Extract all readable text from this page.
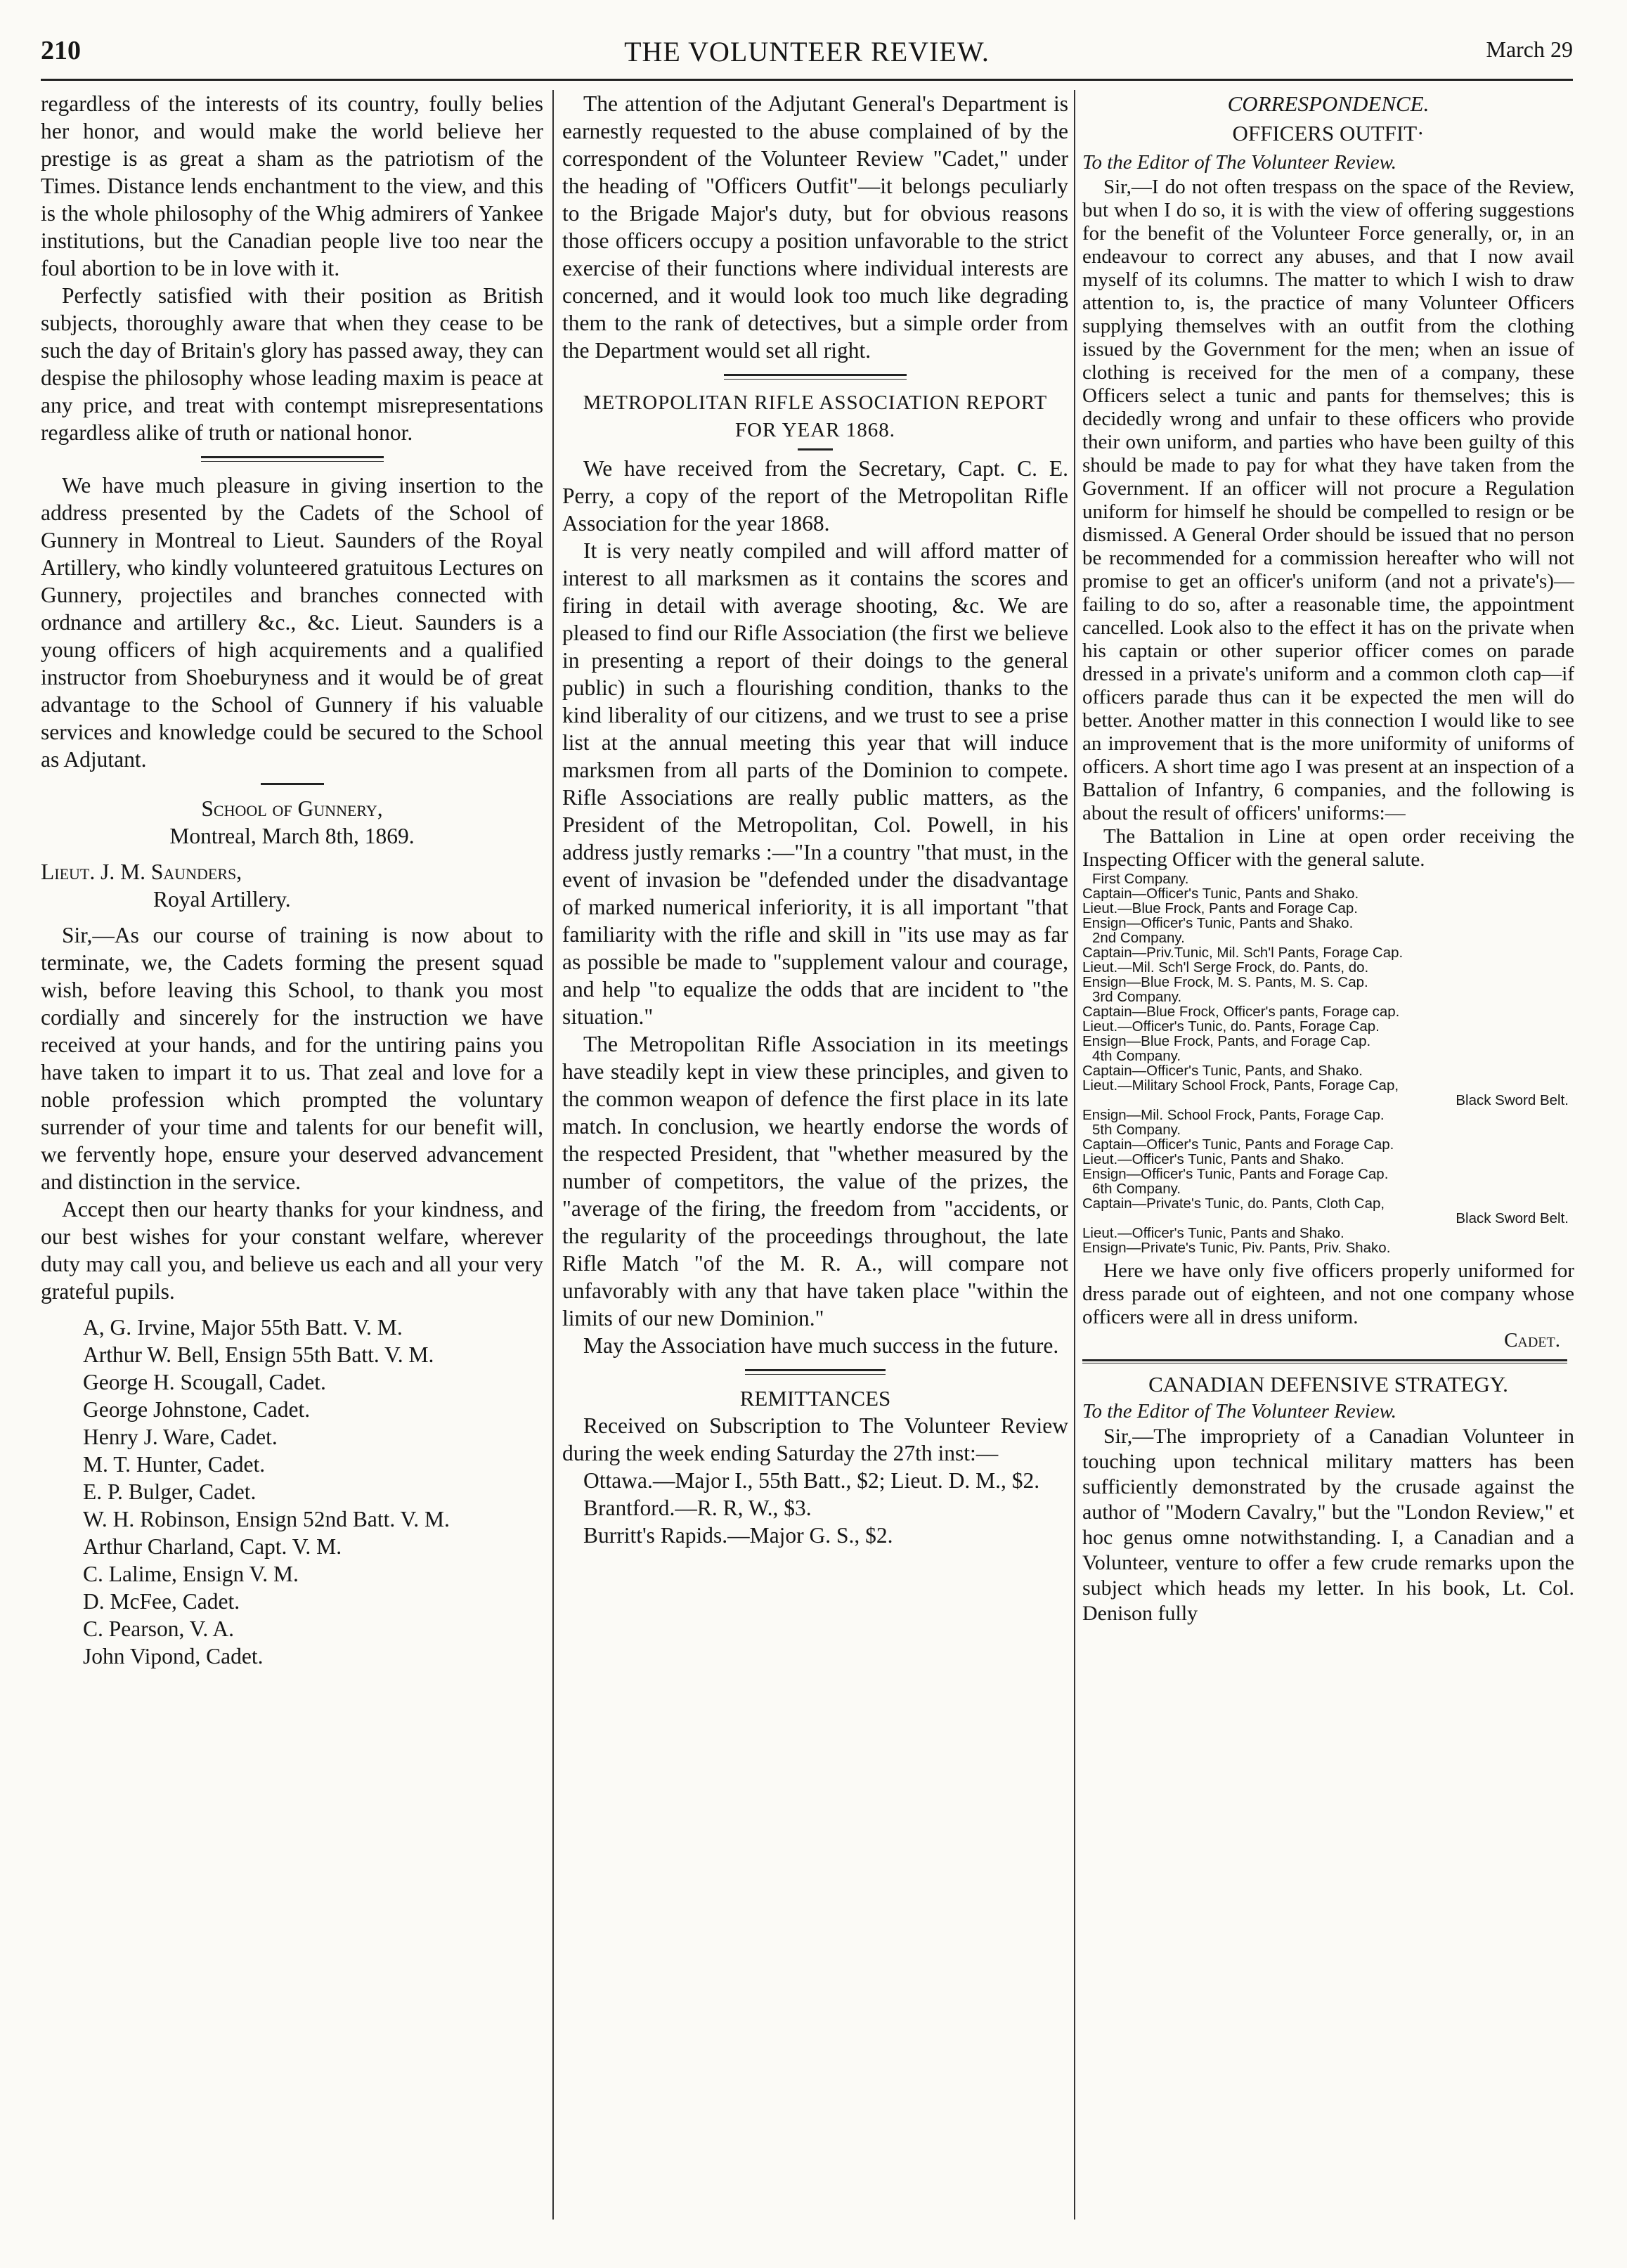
210	THE VOLUNTEER REVIEW.	March 29

regardless of the interests of its country, foully belies her honor, and would make the world believe her prestige is as great a sham as the patriotism of the Times. Distance lends enchantment to the view, and this is the whole philosophy of the Whig admirers of Yankee institutions, but the Canadian people live too near the foul abortion to be in love with it.

Perfectly satisfied with their position as British subjects, thoroughly aware that when they cease to be such the day of Britain's glory has passed away, they can despise the philosophy whose leading maxim is peace at any price, and treat with contempt misrepresentations regardless alike of truth or national honor.

We have much pleasure in giving insertion to the address presented by the Cadets of the School of Gunnery in Montreal to Lieut. Saunders of the Royal Artillery, who kindly volunteered gratuitous Lectures on Gunnery, projectiles and branches connected with ordnance and artillery &c., &c. Lieut. Saunders is a young officers of high acquirements and a qualified instructor from Shoeburyness and it would be of great advantage to the School of Gunnery if his valuable services and knowledge could be secured to the School as Adjutant.

School of Gunnery,

Montreal, March 8th, 1869.

Lieut. J. M. Saunders,

Royal Artillery.

Sir,—As our course of training is now about to terminate, we, the Cadets forming the present squad wish, before leaving this School, to thank you most cordially and sincerely for the instruction we have received at your hands, and for the untiring pains you have taken to impart it to us. That zeal and love for a noble profession which prompted the voluntary surrender of your time and talents for our benefit will, we fervently hope, ensure your deserved advancement and distinction in the service.

Accept then our hearty thanks for your kindness, and our best wishes for your constant welfare, wherever duty may call you, and believe us each and all your very grateful pupils.

A, G. Irvine, Major 55th Batt. V. M.
Arthur W. Bell, Ensign 55th Batt. V. M.
George H. Scougall, Cadet.
George Johnstone, Cadet.
Henry J. Ware, Cadet.
M. T. Hunter, Cadet.
E. P. Bulger, Cadet.
W. H. Robinson, Ensign 52nd Batt. V. M.
Arthur Charland, Capt. V. M.
C. Lalime, Ensign V. M.
D. McFee, Cadet.
C. Pearson, V. A.
John Vipond, Cadet.

The attention of the Adjutant General's Department is earnestly requested to the abuse complained of by the correspondent of the Volunteer Review "Cadet," under the heading of "Officers Outfit"—it belongs peculiarly to the Brigade Major's duty, but for obvious reasons those officers occupy a position unfavorable to the strict exercise of their functions where individual interests are concerned, and it would look too much like degrading them to the rank of detectives, but a simple order from the Department would set all right.

METROPOLITAN RIFLE ASSOCIATION REPORT FOR YEAR 1868.

We have received from the Secretary, Capt. C. E. Perry, a copy of the report of the Metropolitan Rifle Association for the year 1868.

It is very neatly compiled and will afford matter of interest to all marksmen as it contains the scores and firing in detail with average shooting, &c. We are pleased to find our Rifle Association (the first we believe in presenting a report of their doings to the general public) in such a flourishing condition, thanks to the kind liberality of our citizens, and we trust to see a prise list at the annual meeting this year that will induce marksmen from all parts of the Dominion to compete. Rifle Associations are really public matters, as the President of the Metropolitan, Col. Powell, in his address justly remarks :—"In a country "that must, in the event of invasion be "defended under the disadvantage of marked numerical inferiority, it is all important "that familiarity with the rifle and skill in "its use may as far as possible be made to "supplement valour and courage, and help "to equalize the odds that are incident to "the situation."

The Metropolitan Rifle Association in its meetings have steadily kept in view these principles, and given to the common weapon of defence the first place in its late match. In conclusion, we heartly endorse the words of the respected President, that "whether measured by the number of competitors, the value of the prizes, the "average of the firing, the freedom from "accidents, or the regularity of the proceedings throughout, the late Rifle Match "of the M. R. A., will compare not unfavorably with any that have taken place "within the limits of our new Dominion."

May the Association have much success in the future.

REMITTANCES

Received on Subscription to The Volunteer Review during the week ending Saturday the 27th inst:—

Ottawa.—Major I., 55th Batt., $2; Lieut. D. M., $2.

Brantford.—R. R, W., $3.

Burritt's Rapids.—Major G. S., $2.

CORRESPONDENCE.

OFFICERS OUTFIT·

To the Editor of The Volunteer Review.

Sir,—I do not often trespass on the space of the Review, but when I do so, it is with the view of offering suggestions for the benefit of the Volunteer Force generally, or, in an endeavour to correct any abuses, and that I now avail myself of its columns. The matter to which I wish to draw attention to, is, the practice of many Volunteer Officers supplying themselves with an outfit from the clothing issued by the Government for the men; when an issue of clothing is received for the men of a company, these Officers select a tunic and pants for themselves; this is decidedly wrong and unfair to these officers who provide their own uniform, and parties who have been guilty of this should be made to pay for what they have taken from the Government. If an officer will not procure a Regulation uniform for himself he should be compelled to resign or be dismissed. A General Order should be issued that no person be recommended for a commission hereafter who will not promise to get an officer's uniform (and not a private's)—failing to do so, after a reasonable time, the appointment cancelled. Look also to the effect it has on the private when his captain or other superior officer comes on parade dressed in a private's uniform and a common cloth cap—if officers parade thus can it be expected the men will do better. Another matter in this connection I would like to see an improvement that is the more uniformity of uniforms of officers. A short time ago I was present at an inspection of a Battalion of Infantry, 6 companies, and the following is about the result of officers' uniforms:—

The Battalion in Line at open order receiving the Inspecting Officer with the general salute.

First Company.
Captain—Officer's Tunic, Pants and Shako.
Lieut.—Blue Frock, Pants and Forage Cap.
Ensign—Officer's Tunic, Pants and Shako.
2nd Company.
Captain—Priv.Tunic, Mil. Sch'l Pants, Forage Cap.
Lieut.—Mil. Sch'l Serge Frock, do. Pants, do.
Ensign—Blue Frock, M. S. Pants, M. S. Cap.
3rd Company.
Captain—Blue Frock, Officer's pants, Forage cap.
Lieut.—Officer's Tunic, do. Pants, Forage Cap.
Ensign—Blue Frock, Pants, and Forage Cap.
4th Company.
Captain—Officer's Tunic, Pants, and Shako.
Lieut.—Military School Frock, Pants, Forage Cap,
Black Sword Belt.
Ensign—Mil. School Frock, Pants, Forage Cap.
5th Company.
Captain—Officer's Tunic, Pants and Forage Cap.
Lieut.—Officer's Tunic, Pants and Shako.
Ensign—Officer's Tunic, Pants and Forage Cap.
6th Company.
Captain—Private's Tunic, do. Pants, Cloth Cap,
Black Sword Belt.
Lieut.—Officer's Tunic, Pants and Shako.
Ensign—Private's Tunic, Piv. Pants, Priv. Shako.

Here we have only five officers properly uniformed for dress parade out of eighteen, and not one company whose officers were all in dress uniform.

Cadet.

CANADIAN DEFENSIVE STRATEGY.

To the Editor of The Volunteer Review.

Sir,—The impropriety of a Canadian Volunteer in touching upon technical military matters has been sufficiently demonstrated by the crusade against the author of "Modern Cavalry," but the "London Review," et hoc genus omne notwithstanding. I, a Canadian and a Volunteer, venture to offer a few crude remarks upon the subject which heads my letter. In his book, Lt. Col. Denison fully
